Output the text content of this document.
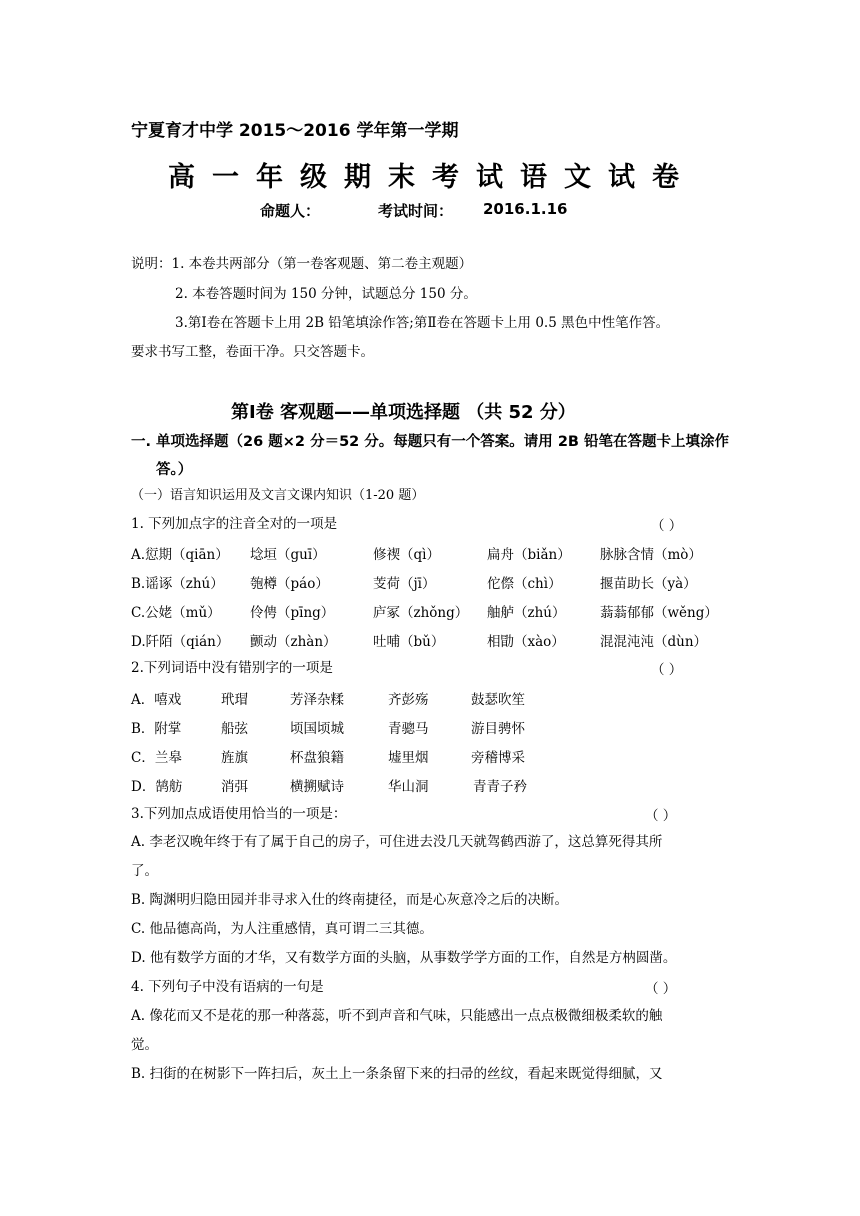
宁夏育才中学 2015～2016 学年第一学期
高一年级期末考试语文试卷
命题人：	考试时间： 2016.1.16
说明：1. 本卷共两部分（第一卷客观题、第二卷主观题）
2. 本卷答题时间为 150 分钟，试题总分 150 分。
3.第Ⅰ卷在答题卡上用 2B 铅笔填涂作答;第Ⅱ卷在答题卡上用 0.5 黑色中性笔作答。
要求书写工整，卷面干净。只交答题卡。
第Ⅰ卷 客观题——单项选择题 （共 52 分）
一. 单项选择题（26 题×2 分＝52 分。每题只有一个答案。请用 2B 铅笔在答题卡上填涂作
答。）
（一）语言知识运用及文言文课内知识（1-20 题）
1. 下列加点字的注音全对的一项是	（ ）
A.愆期（qiān） 埝垣（guī）	修禊（qì）	扁舟（biǎn） 脉脉含情（mò）
B.谣诼（zhú） 匏樽（páo）	芰荷（jī）	佗傺（chì）	揠苗助长（yà）
C.公姥（mǔ） 伶俜（pīng）	庐冢（zhǒng） 舳舻（zhú）	蓊蓊郁郁（wěng）
D.阡陌（qián） 颤动（zhàn）	吐哺（bǔ）	相勖（xào）	混混沌沌（dùn）
2.下列词语中没有错别字的一项是	（ ）
A．嘻戏	玳瑁	芳泽杂糅	齐彭殇	鼓瑟吹笙
B．附掌	船弦	顷国顷城	青骢马	游目骋怀
C．兰皋	旌旗	杯盘狼籍	墟里烟	旁稽博采
D．鹄舫	消弭	横搠赋诗	华山洞	青青子矜
3.下列加点成语使用恰当的一项是：	（ ）
A. 李老汉晚年终于有了属于自己的房子，可住进去没几天就驾鹤西游了，这总算死得其所
了。
B. 陶渊明归隐田园并非寻求入仕的终南捷径，而是心灰意冷之后的决断。
C. 他品德高尚，为人注重感情，真可谓二三其德。
D. 他有数学方面的才华，又有数学方面的头脑，从事数学学方面的工作，自然是方枘圆凿。
4. 下列句子中没有语病的一句是	（ ）
A. 像花而又不是花的那一种落蕊，听不到声音和气味，只能感出一点点极微细极柔软的触
觉。
B. 扫街的在树影下一阵扫后，灰土上一条条留下来的扫帚的丝纹，看起来既觉得细腻，又
